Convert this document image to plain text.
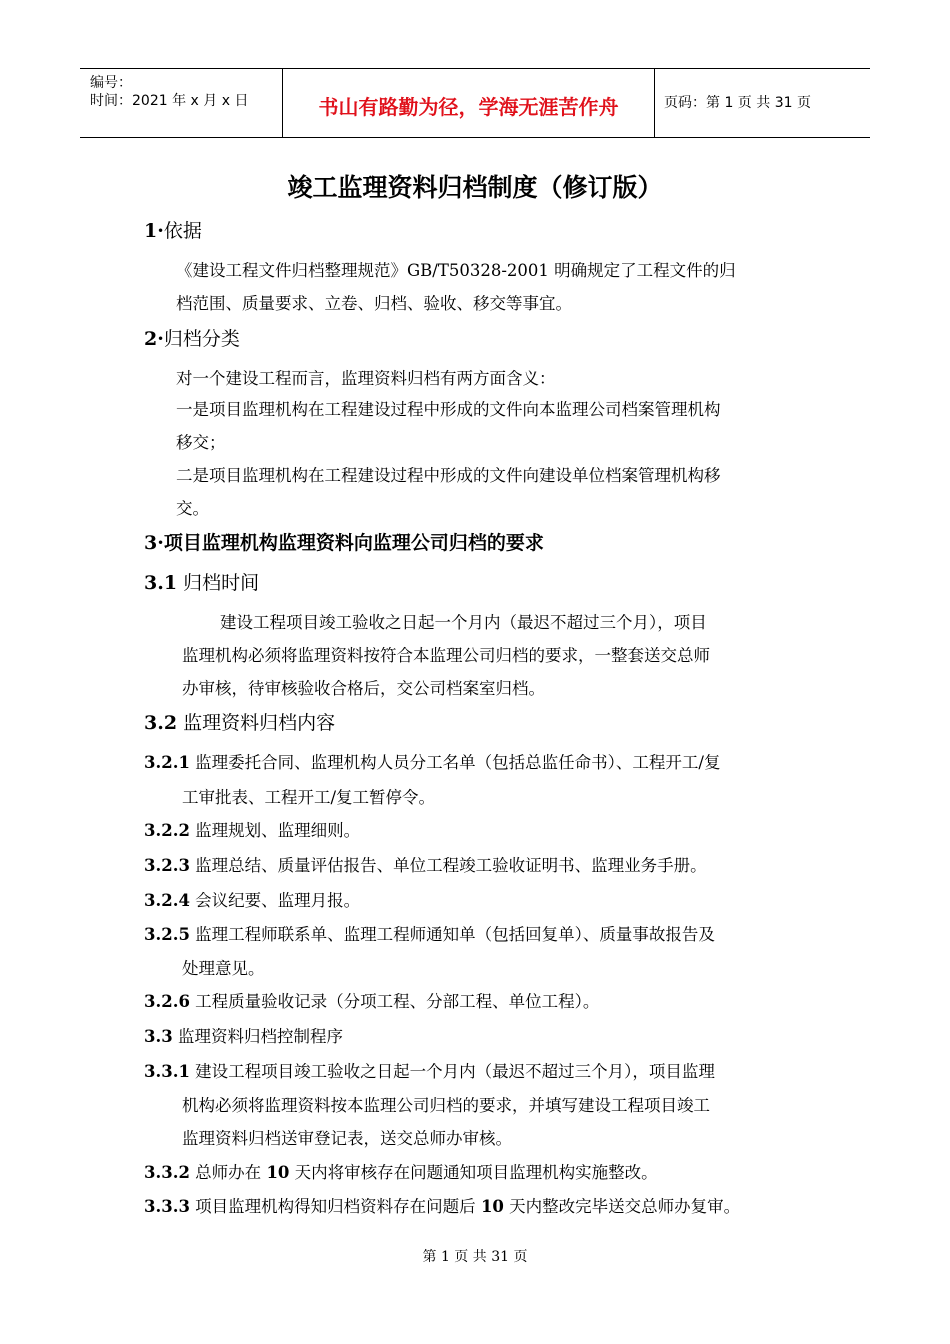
编号：
时间：2021 年 x 月 x 日	书山有路勤为径，学海无涯苦作舟	页码：第 1 页 共 31 页
竣工监理资料归档制度（修订版）
1·依据
《建设工程文件归档整理规范》GB/T50328-2001 明确规定了工程文件的归
档范围、质量要求、立卷、归档、验收、移交等事宜。
2·归档分类
对一个建设工程而言，监理资料归档有两方面含义：
一是项目监理机构在工程建设过程中形成的文件向本监理公司档案管理机构
移交；
二是项目监理机构在工程建设过程中形成的文件向建设单位档案管理机构移
交。
3·项目监理机构监理资料向监理公司归档的要求
3.1 归档时间
建设工程项目竣工验收之日起一个月内（最迟不超过三个月），项目
监理机构必须将监理资料按符合本监理公司归档的要求，一整套送交总师
办审核，待审核验收合格后，交公司档案室归档。
3.2 监理资料归档内容
3.2.1 监理委托合同、监理机构人员分工名单（包括总监任命书）、工程开工/复
工审批表、工程开工/复工暂停令。
3.2.2 监理规划、监理细则。
3.2.3 监理总结、质量评估报告、单位工程竣工验收证明书、监理业务手册。
3.2.4 会议纪要、监理月报。
3.2.5 监理工程师联系单、监理工程师通知单（包括回复单）、质量事故报告及
处理意见。
3.2.6 工程质量验收记录（分项工程、分部工程、单位工程）。
3.3 监理资料归档控制程序
3.3.1 建设工程项目竣工验收之日起一个月内（最迟不超过三个月），项目监理
机构必须将监理资料按本监理公司归档的要求，并填写建设工程项目竣工
监理资料归档送审登记表，送交总师办审核。
3.3.2 总师办在 10 天内将审核存在问题通知项目监理机构实施整改。
3.3.3 项目监理机构得知归档资料存在问题后 10 天内整改完毕送交总师办复审。
第 1 页 共 31 页
